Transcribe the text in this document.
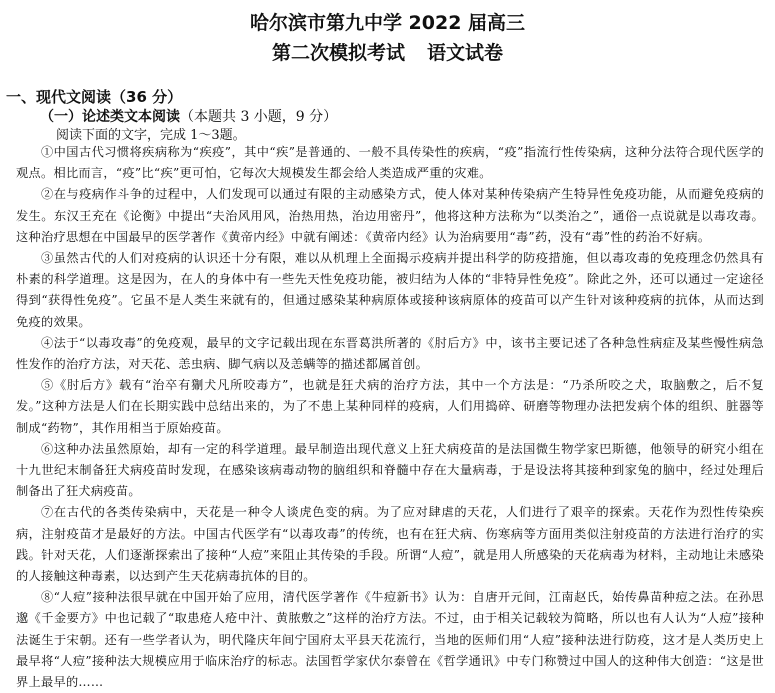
哈尔滨市第九中学 2022 届高三
第二次模拟考试 语文试卷
一、现代文阅读（36 分）
（一）论述类文本阅读（本题共 3 小题，9 分）
阅读下面的文字，完成 1～3题。

①中国古代习惯将疾病称为“疾疫”，其中“疾”是普通的、一般不具传染性的疾病，“疫”指流行性传染病，这种分法符合现代医学的观点。相比而言，“疫”比“疾”更可怕，它每次大规模发生都会给人类造成严重的灾难。

②在与疫病作斗争的过程中，人们发现可以通过有限的主动感染方式，使人体对某种传染病产生特异性免疫功能，从而避免疫病的发生。东汉王充在《论衡》中提出“夫治风用风，治热用热，治边用密丹”，他将这种方法称为“以类治之”，通俗一点说就是以毒攻毒。这种治疗思想在中国最早的医学著作《黄帝内经》中就有阐述：《黄帝内经》认为治病要用“毒”药，没有“毒”性的药治不好病。

③虽然古代的人们对疫病的认识还十分有限，难以从机理上全面揭示疫病并提出科学的防疫措施，但以毒攻毒的免疫理念仍然具有朴素的科学道理。这是因为，在人的身体中有一些先天性免疫功能，被归结为人体的“非特异性免疫”。除此之外，还可以通过一定途径得到“获得性免疫”。它虽不是人类生来就有的，但通过感染某种病原体或接种该病原体的疫苗可以产生针对该种疫病的抗体，从而达到免疫的效果。

④法于“以毒攻毒”的免疫观，最早的文字记载出现在东晋葛洪所著的《肘后方》中，该书主要记述了各种急性病症及某些慢性病急性发作的治疗方法，对天花、恙虫病、脚气病以及恙螨等的描述都属首创。

⑤《肘后方》载有“治卒有猘犬凡所咬毒方”，也就是狂犬病的治疗方法，其中一个方法是：“乃杀所咬之犬，取脑敷之，后不复发。”这种方法是人们在长期实践中总结出来的，为了不患上某种同样的疫病，人们用捣碎、研磨等物理办法把发病个体的组织、脏器等制成“药物”，其作用相当于原始疫苗。

⑥这种办法虽然原始，却有一定的科学道理。最早制造出现代意义上狂犬病疫苗的是法国微生物学家巴斯德，他领导的研究小组在十九世纪末制备狂犬病疫苗时发现，在感染该病毒动物的脑组织和脊髓中存在大量病毒，于是设法将其接种到家兔的脑中，经过处理后制备出了狂犬病疫苗。

⑦在古代的各类传染病中，天花是一种令人谈虎色变的病。为了应对肆虐的天花，人们进行了艰辛的探索。天花作为烈性传染疾病，注射疫苗才是最好的方法。中国古代医学有“以毒攻毒”的传统，也有在狂犬病、伤寒病等方面用类似注射疫苗的方法进行治疗的实践。针对天花，人们逐渐探索出了接种“人痘”来阻止其传染的手段。所谓“人痘”，就是用人所感染的天花病毒为材料，主动地让未感染的人接触这种毒素，以达到产生天花病毒抗体的目的。

⑧“人痘”接种法很早就在中国开始了应用，清代医学著作《牛痘新书》认为：自唐开元间，江南赵氏，始传鼻苗种痘之法。在孙思邈《千金要方》中也记载了“取患疮人疮中汁、黄脓敷之”这样的治疗方法。不过，由于相关记载较为简略，所以也有人认为“人痘”接种法诞生于宋朝。还有一些学者认为，明代隆庆年间宁国府太平县天花流行，当地的医师们用“人痘”接种法进行防疫，这才是人类历史上最早将“人痘”接种法大规模应用于临床治疗的标志。法国哲学家伏尔泰曾在《哲学通讯》中专门称赞过中国人的这种伟大创造：“这是世界上最早的……
